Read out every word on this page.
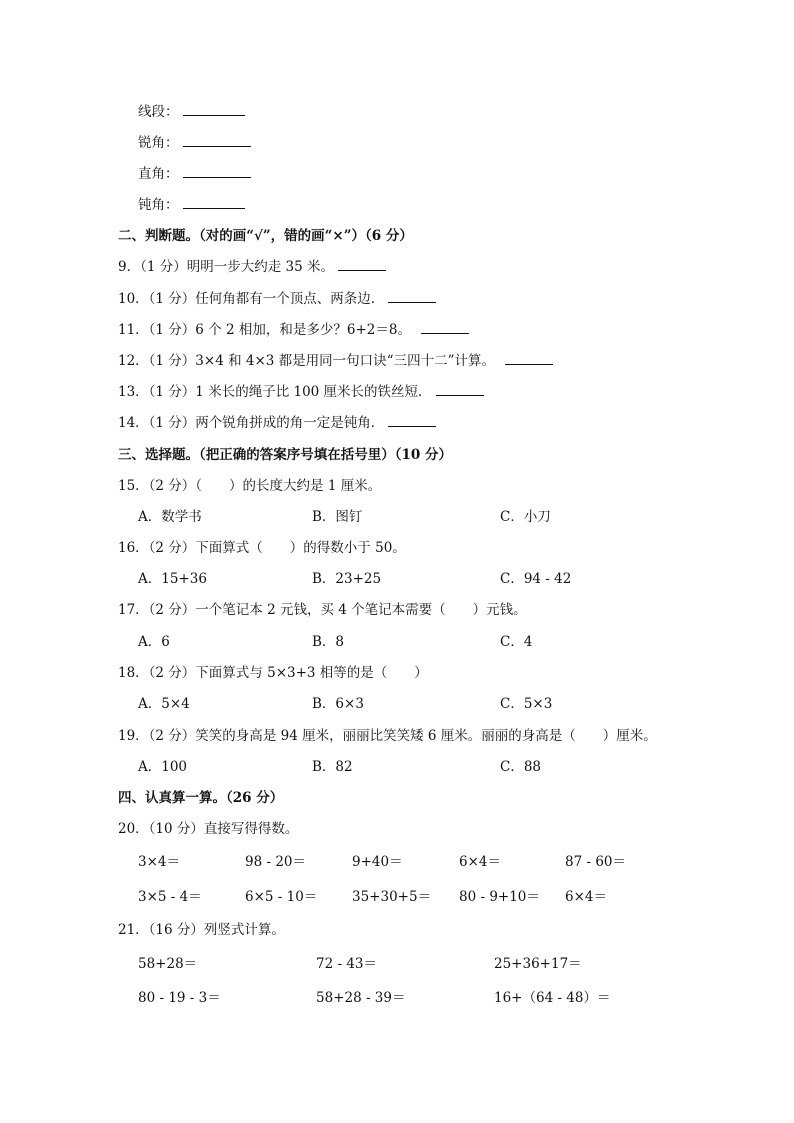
线段：
锐角：
直角：
钝角：
二、判断题。（对的画“√”，错的画“×”）（6 分）
9．（1 分）明明一步大约走 35 米。
10．（1 分）任何角都有一个顶点、两条边．
11．（1 分）6 个 2 相加，和是多少？6+2＝8。
12．（1 分）3×4 和 4×3 都是用同一句口诀“三四十二”计算。
13．（1 分）1 米长的绳子比 100 厘米长的铁丝短．
14．（1 分）两个锐角拼成的角一定是钝角．
三、选择题。（把正确的答案序号填在括号里）（10 分）
15．（2 分）（　　）的长度大约是 1 厘米。
A．数学书	B．图钉	C．小刀
16．（2 分）下面算式（　　）的得数小于 50。
A．15+36	B．23+25	C．94 - 42
17．（2 分）一个笔记本 2 元钱，买 4 个笔记本需要（　　）元钱。
A．6	B．8	C．4
18．（2 分）下面算式与 5×3+3 相等的是（　　）
A．5×4	B．6×3	C．5×3
19．（2 分）笑笑的身高是 94 厘米，丽丽比笑笑矮 6 厘米。丽丽的身高是（　　）厘米。
A．100	B．82	C．88
四、认真算一算。（26 分）
20．（10 分）直接写得得数。
3×4＝	98 - 20＝	9+40＝	6×4＝	87 - 60＝
3×5 - 4＝	6×5 - 10＝	35+30+5＝ 80 - 9+10＝ 6×4＝
21．（16 分）列竖式计算。
58+28＝	72 - 43＝	25+36+17＝
80 - 19 - 3＝	58+28 - 39＝	16+（64 - 48）＝
